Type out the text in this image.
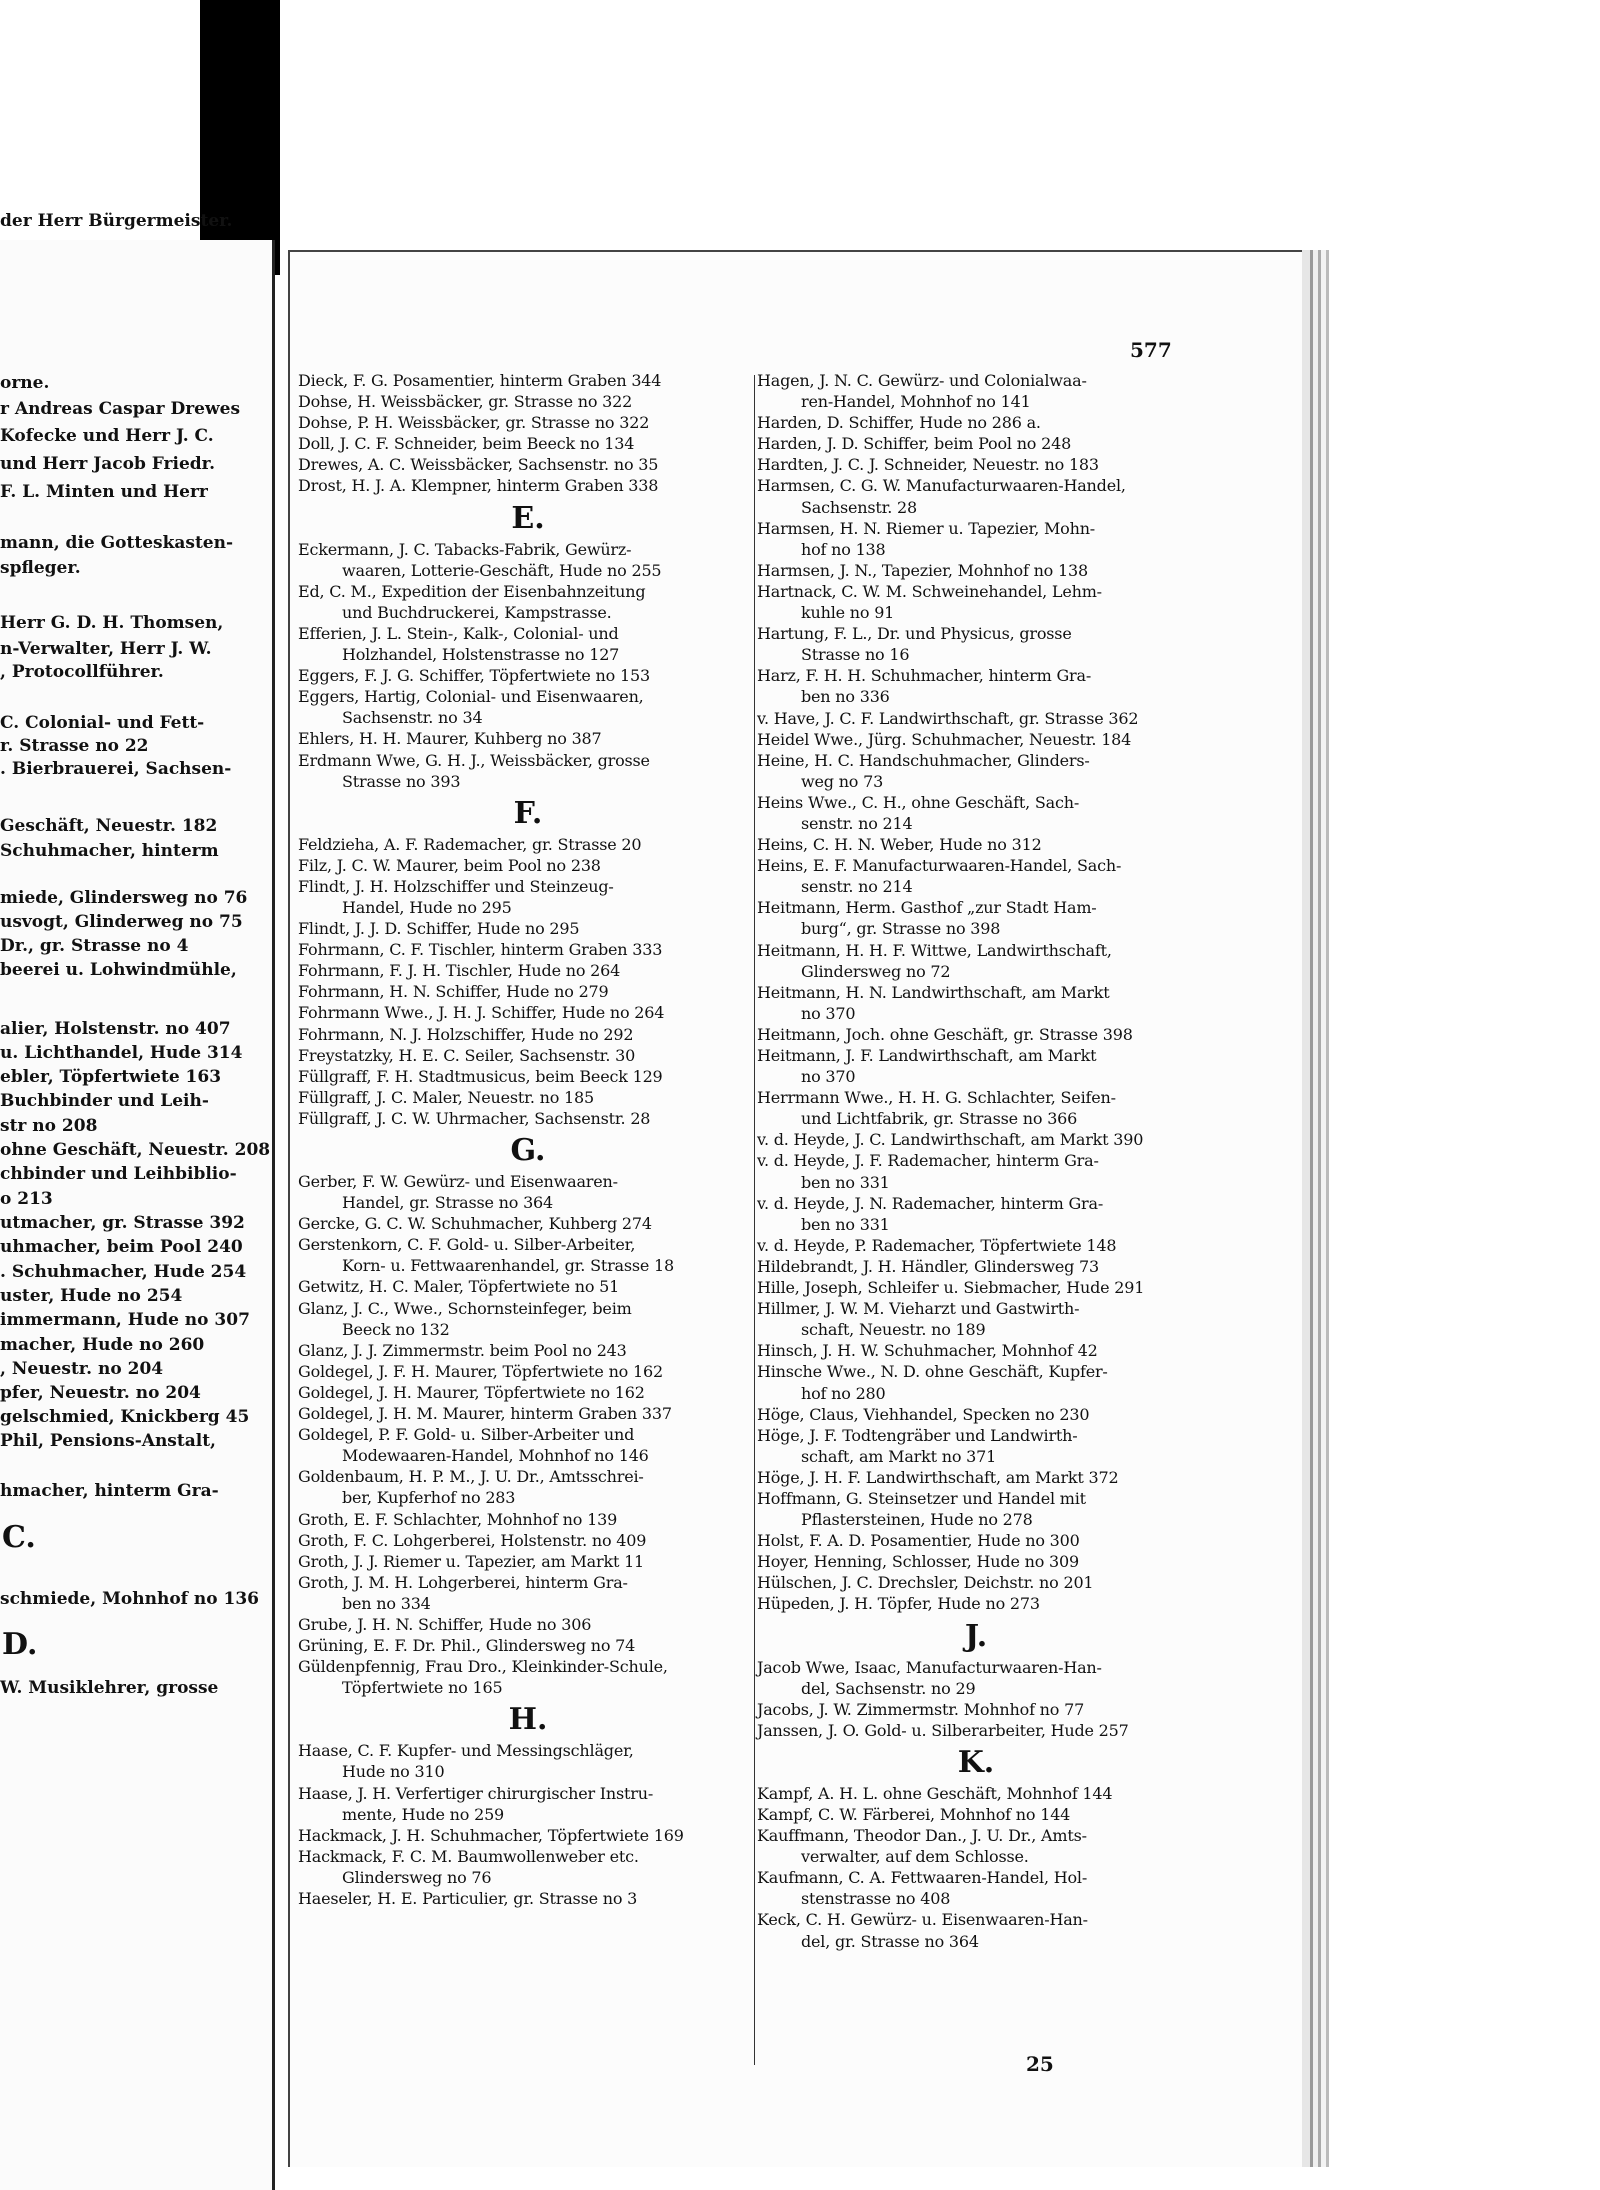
der Herr Bürgermeister.
orne.
r Andreas Caspar Drewes
Kofecke und Herr J. C.
und Herr Jacob Friedr.
F. L. Minten und Herr
mann, die Gotteskasten-
spfleger.
Herr G. D. H. Thomsen,
n-Verwalter, Herr J. W.
, Protocollführer.
C. Colonial- und Fett-
r. Strasse no 22
. Bierbrauerei, Sachsen-
Geschäft, Neuestr. 182
Schuhmacher, hinterm
miede, Glindersweg no 76
usvogt, Glinderweg no 75
Dr., gr. Strasse no 4
beerei u. Lohwindmühle,
alier, Holstenstr. no 407
u. Lichthandel, Hude 314
ebler, Töpfertwiete 163
Buchbinder und Leih-
str no 208
ohne Geschäft, Neuestr. 208
chbinder und Leihbiblio-
o 213
utmacher, gr. Strasse 392
uhmacher, beim Pool 240
. Schuhmacher, Hude 254
uster, Hude no 254
immermann, Hude no 307
macher, Hude no 260
, Neuestr. no 204
pfer, Neuestr. no 204
gelschmied, Knickberg 45
Phil, Pensions-Anstalt,
hmacher, hinterm Gra-
schmiede, Mohnhof no 136
W. Musiklehrer, grosse
C.
D.
577
Dieck, F. G. Posamentier, hinterm Graben 344
Dohse, H. Weissbäcker, gr. Strasse no 322
Dohse, P. H. Weissbäcker, gr. Strasse no 322
Doll, J. C. F. Schneider, beim Beeck no 134
Drewes, A. C. Weissbäcker, Sachsenstr. no 35
Drost, H. J. A. Klempner, hinterm Graben 338
E.
Eckermann, J. C. Tabacks-Fabrik, Gewürz-
waaren, Lotterie-Geschäft, Hude no 255
Ed, C. M., Expedition der Eisenbahnzeitung
und Buchdruckerei, Kampstrasse.
Efferien, J. L. Stein-, Kalk-, Colonial- und
Holzhandel, Holstenstrasse no 127
Eggers, F. J. G. Schiffer, Töpfertwiete no 153
Eggers, Hartig, Colonial- und Eisenwaaren,
Sachsenstr. no 34
Ehlers, H. H. Maurer, Kuhberg no 387
Erdmann Wwe, G. H. J., Weissbäcker, grosse
Strasse no 393
F.
Feldzieha, A. F. Rademacher, gr. Strasse 20
Filz, J. C. W. Maurer, beim Pool no 238
Flindt, J. H. Holzschiffer und Steinzeug-
Handel, Hude no 295
Flindt, J. J. D. Schiffer, Hude no 295
Fohrmann, C. F. Tischler, hinterm Graben 333
Fohrmann, F. J. H. Tischler, Hude no 264
Fohrmann, H. N. Schiffer, Hude no 279
Fohrmann Wwe., J. H. J. Schiffer, Hude no 264
Fohrmann, N. J. Holzschiffer, Hude no 292
Freystatzky, H. E. C. Seiler, Sachsenstr. 30
Füllgraff, F. H. Stadtmusicus, beim Beeck 129
Füllgraff, J. C. Maler, Neuestr. no 185
Füllgraff, J. C. W. Uhrmacher, Sachsenstr. 28
G.
Gerber, F. W. Gewürz- und Eisenwaaren-
Handel, gr. Strasse no 364
Gercke, G. C. W. Schuhmacher, Kuhberg 274
Gerstenkorn, C. F. Gold- u. Silber-Arbeiter,
Korn- u. Fettwaarenhandel, gr. Strasse 18
Getwitz, H. C. Maler, Töpfertwiete no 51
Glanz, J. C., Wwe., Schornsteinfeger, beim
Beeck no 132
Glanz, J. J. Zimmermstr. beim Pool no 243
Goldegel, J. F. H. Maurer, Töpfertwiete no 162
Goldegel, J. H. Maurer, Töpfertwiete no 162
Goldegel, J. H. M. Maurer, hinterm Graben 337
Goldegel, P. F. Gold- u. Silber-Arbeiter und
Modewaaren-Handel, Mohnhof no 146
Goldenbaum, H. P. M., J. U. Dr., Amtsschrei-
ber, Kupferhof no 283
Groth, E. F. Schlachter, Mohnhof no 139
Groth, F. C. Lohgerberei, Holstenstr. no 409
Groth, J. J. Riemer u. Tapezier, am Markt 11
Groth, J. M. H. Lohgerberei, hinterm Gra-
ben no 334
Grube, J. H. N. Schiffer, Hude no 306
Grüning, E. F. Dr. Phil., Glindersweg no 74
Güldenpfennig, Frau Dro., Kleinkinder-Schule,
Töpfertwiete no 165
H.
Haase, C. F. Kupfer- und Messingschläger,
Hude no 310
Haase, J. H. Verfertiger chirurgischer Instru-
mente, Hude no 259
Hackmack, J. H. Schuhmacher, Töpfertwiete 169
Hackmack, F. C. M. Baumwollenweber etc.
Glindersweg no 76
Haeseler, H. E. Particulier, gr. Strasse no 3
Hagen, J. N. C. Gewürz- und Colonialwaa-
ren-Handel, Mohnhof no 141
Harden, D. Schiffer, Hude no 286 a.
Harden, J. D. Schiffer, beim Pool no 248
Hardten, J. C. J. Schneider, Neuestr. no 183
Harmsen, C. G. W. Manufacturwaaren-Handel,
Sachsenstr. 28
Harmsen, H. N. Riemer u. Tapezier, Mohn-
hof no 138
Harmsen, J. N., Tapezier, Mohnhof no 138
Hartnack, C. W. M. Schweinehandel, Lehm-
kuhle no 91
Hartung, F. L., Dr. und Physicus, grosse
Strasse no 16
Harz, F. H. H. Schuhmacher, hinterm Gra-
ben no 336
v. Have, J. C. F. Landwirthschaft, gr. Strasse 362
Heidel Wwe., Jürg. Schuhmacher, Neuestr. 184
Heine, H. C. Handschuhmacher, Glinders-
weg no 73
Heins Wwe., C. H., ohne Geschäft, Sach-
senstr. no 214
Heins, C. H. N. Weber, Hude no 312
Heins, E. F. Manufacturwaaren-Handel, Sach-
senstr. no 214
Heitmann, Herm. Gasthof „zur Stadt Ham-
burg“, gr. Strasse no 398
Heitmann, H. H. F. Wittwe, Landwirthschaft,
Glindersweg no 72
Heitmann, H. N. Landwirthschaft, am Markt
no 370
Heitmann, Joch. ohne Geschäft, gr. Strasse 398
Heitmann, J. F. Landwirthschaft, am Markt
no 370
Herrmann Wwe., H. H. G. Schlachter, Seifen-
und Lichtfabrik, gr. Strasse no 366
v. d. Heyde, J. C. Landwirthschaft, am Markt 390
v. d. Heyde, J. F. Rademacher, hinterm Gra-
ben no 331
v. d. Heyde, J. N. Rademacher, hinterm Gra-
ben no 331
v. d. Heyde, P. Rademacher, Töpfertwiete 148
Hildebrandt, J. H. Händler, Glindersweg 73
Hille, Joseph, Schleifer u. Siebmacher, Hude 291
Hillmer, J. W. M. Vieharzt und Gastwirth-
schaft, Neuestr. no 189
Hinsch, J. H. W. Schuhmacher, Mohnhof 42
Hinsche Wwe., N. D. ohne Geschäft, Kupfer-
hof no 280
Höge, Claus, Viehhandel, Specken no 230
Höge, J. F. Todtengräber und Landwirth-
schaft, am Markt no 371
Höge, J. H. F. Landwirthschaft, am Markt 372
Hoffmann, G. Steinsetzer und Handel mit
Pflastersteinen, Hude no 278
Holst, F. A. D. Posamentier, Hude no 300
Hoyer, Henning, Schlosser, Hude no 309
Hülschen, J. C. Drechsler, Deichstr. no 201
Hüpeden, J. H. Töpfer, Hude no 273
J.
Jacob Wwe, Isaac, Manufacturwaaren-Han-
del, Sachsenstr. no 29
Jacobs, J. W. Zimmermstr. Mohnhof no 77
Janssen, J. O. Gold- u. Silberarbeiter, Hude 257
K.
Kampf, A. H. L. ohne Geschäft, Mohnhof 144
Kampf, C. W. Färberei, Mohnhof no 144
Kauffmann, Theodor Dan., J. U. Dr., Amts-
verwalter, auf dem Schlosse.
Kaufmann, C. A. Fettwaaren-Handel, Hol-
stenstrasse no 408
Keck, C. H. Gewürz- u. Eisenwaaren-Han-
del, gr. Strasse no 364
25
